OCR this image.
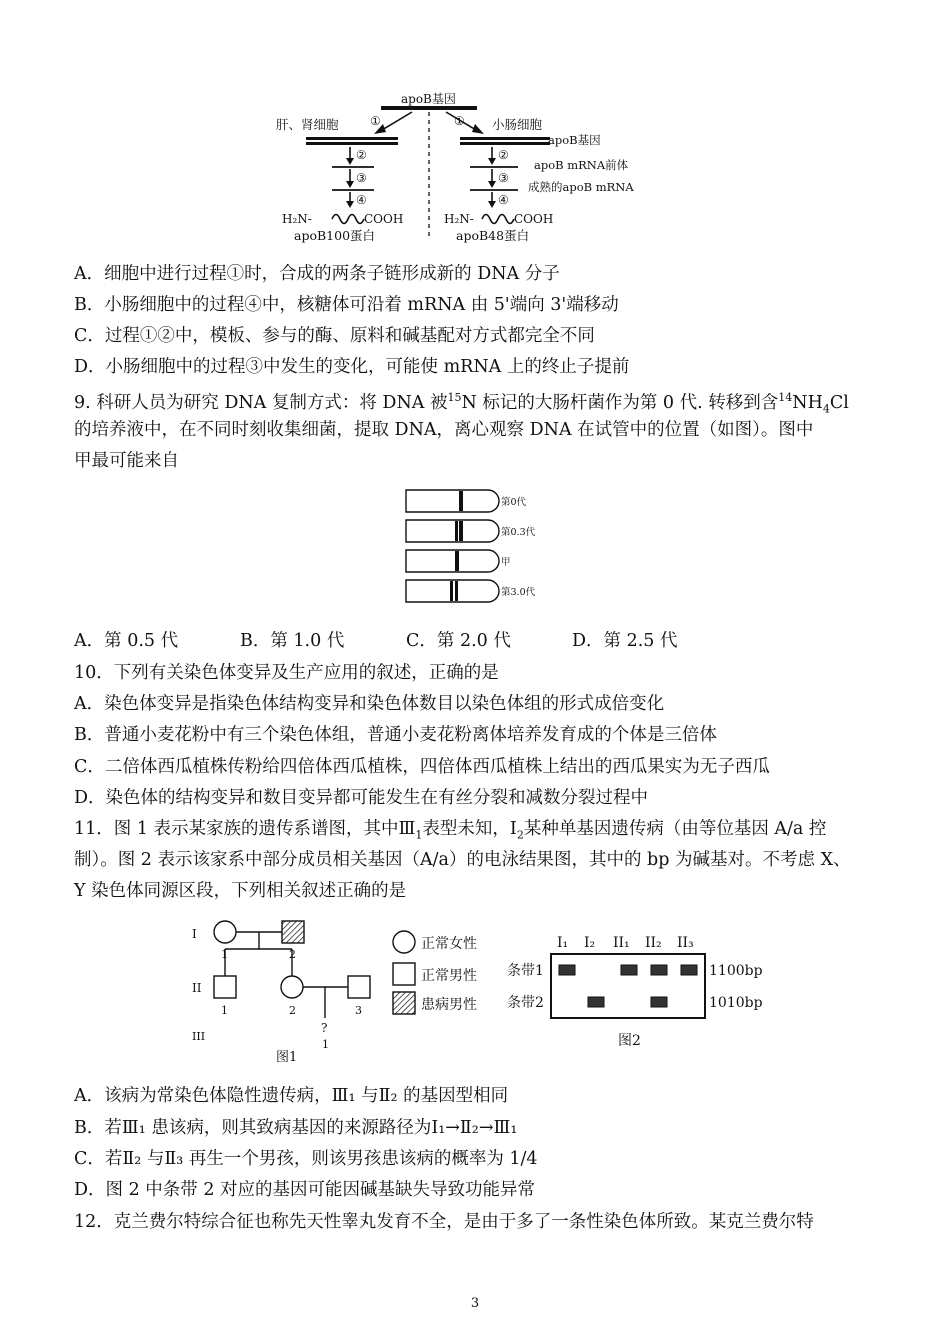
apoB基因
肝、肾细胞	①	① 小肠细胞
apoB基因
②	②
apoB mRNA前体
③	③
成熟的apoB mRNA
④	④
H₂N-	COOH	H₂N-	COOH
apoB100蛋白	apoB48蛋白
A．细胞中进行过程①时，合成的两条子链形成新的 DNA 分子
B．小肠细胞中的过程④中，核糖体可沿着 mRNA 由 5'端向 3'端移动
C．过程①②中，模板、参与的酶、原料和碱基配对方式都完全不同
D．小肠细胞中的过程③中发生的变化，可能使 mRNA 上的终止子提前
9. 科研人员为研究 DNA 复制方式：将 DNA 被$^{15}$N 标记的大肠杆菌作为第 0 代. 转移到含$^{14}NH_4Cl$
的培养液中，在不同时刻收集细菌，提取 DNA，离心观察 DNA 在试管中的位置（如图）。图中
甲最可能来自
第0代
第0.3代
甲
第3.0代
A．第 0.5 代	B．第 1.0 代	C．第 2.0 代	D．第 2.5 代
10．下列有关染色体变异及生产应用的叙述，正确的是
A．染色体变异是指染色体结构变异和染色体数目以染色体组的形式成倍变化
B．普通小麦花粉中有三个染色体组，普通小麦花粉离体培养发育成的个体是三倍体
C．二倍体西瓜植株传粉给四倍体西瓜植株，四倍体西瓜植株上结出的西瓜果实为无子西瓜
D．染色体的结构变异和数目变异都可能发生在有丝分裂和减数分裂过程中
11．图 1 表示某家族的遗传系谱图，其中$Ⅲ_1$表型未知，$I_2$某种单基因遗传病（由等位基因 A/a 控
制）。图 2 表示该家系中部分成员相关基因（A/a）的电泳结果图，其中的 bp 为碱基对。不考虑 X、
Y 染色体同源区段，下列相关叙述正确的是
I
1	2
II
1	2	3
III
?
1
图1
正常女性
正常男性
患病男性
I₁ I₂ II₁ II₂ II₃
条带1
条带2
1100bp
1010bp
图2
A．该病为常染色体隐性遗传病，Ⅲ₁ 与Ⅱ₂ 的基因型相同
B．若Ⅲ₁ 患该病，则其致病基因的来源路径为I₁→Ⅱ₂→Ⅲ₁
C．若Ⅱ₂ 与Ⅱ₃ 再生一个男孩，则该男孩患该病的概率为 1/4
D．图 2 中条带 2 对应的基因可能因碱基缺失导致功能异常
12．克兰费尔特综合征也称先天性睾丸发育不全，是由于多了一条性染色体所致。某克兰费尔特
3
